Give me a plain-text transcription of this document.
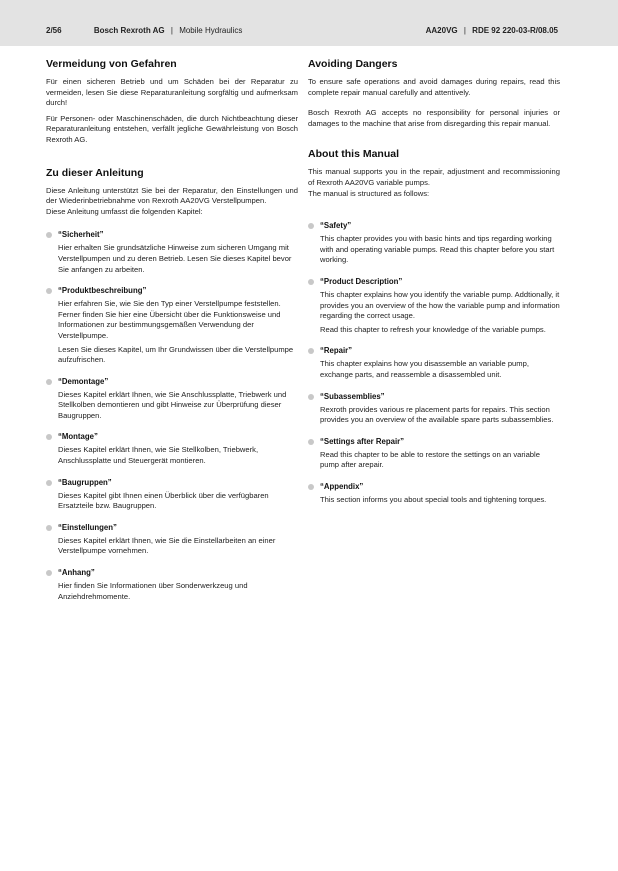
2/56	Bosch Rexroth AG | Mobile Hydraulics	AA20VG | RDE 92 220-03-R/08.05
Vermeidung von Gefahren

Für einen sicheren Betrieb und um Schäden bei der Reparatur zu vermeiden, lesen Sie diese Reparaturanleitung sorgfältig und aufmerksam durch!

Für Personen- oder Maschinenschäden, die durch Nichtbeachtung dieser Reparaturanleitung entstehen, verfällt jegliche Gewährleistung von Bosch Rexroth AG.

Zu dieser Anleitung

Diese Anleitung unterstützt Sie bei der Reparatur, den Einstellungen und der Wiederinbetriebnahme von Rexroth AA20VG Verstellpumpen.

Diese Anleitung umfasst die folgenden Kapitel:

“Sicherheit”

Hier erhalten Sie grundsätzliche Hinweise zum sicheren Umgang mit Verstellpumpen und zu deren Betrieb. Lesen Sie dieses Kapitel bevor Sie anfangen zu arbeiten.

“Produktbeschreibung”

Hier erfahren Sie, wie Sie den Typ einer Verstellpumpe feststellen. Ferner finden Sie hier eine Übersicht über die Funktionsweise und Informationen zur bestimmungsgemäßen Verwendung der Verstellpumpe.

Lesen Sie dieses Kapitel, um Ihr Grundwissen über die Verstellpumpe aufzufrischen.

“Demontage”

Dieses Kapitel erklärt Ihnen, wie Sie Anschlussplatte, Triebwerk und Stellkolben demontieren und gibt Hinweise zur Überprüfung dieser Baugruppen.

“Montage”

Dieses Kapitel erklärt Ihnen, wie Sie Stellkolben, Triebwerk, Anschlussplatte und Steuergerät montieren.

“Baugruppen”

Dieses Kapitel gibt Ihnen einen Überblick über die verfügbaren Ersatzteile bzw. Baugruppen.

“Einstellungen”

Dieses Kapitel erklärt Ihnen, wie Sie die Einstellarbeiten an einer Verstellpumpe vornehmen.

“Anhang”

Hier finden Sie Informationen über Sonderwerkzeug und Anziehdrehmomente.

Avoiding Dangers

To ensure safe operations and avoid damages during repairs, read this complete repair manual carefully and attentively.

Bosch Rexroth AG accepts no responsibility for personal injuries or damages to the machine that arise from disregarding this repair manual.

About this Manual

This manual supports you in the repair, adjustment and recommissioning of Rexroth AA20VG variable pumps.

The manual is structured as follows:

“Safety”

This chapter provides you with basic hints and tips regarding working with and operating variable pumps. Read this chapter before you start working.

“Product Description”

This chapter explains how you identify the variable pump. Addtionally, it provides you an overview of the how the variable pump and information regarding the correct usage.

Read this chapter to refresh your knowledge of the variable pumps.

“Repair”

This chapter explains how you disassemble an variable pump, exchange parts, and reassemble a disassembled unit.

“Subassemblies”

Rexroth provides various re placement parts for repairs. This section provides you an overview of the available spare parts subassemblies.

“Settings after Repair”

Read this chapter to be able to restore the settings on an variable pump after arepair.

“Appendix”

This section informs you about special tools and tightening torques.
